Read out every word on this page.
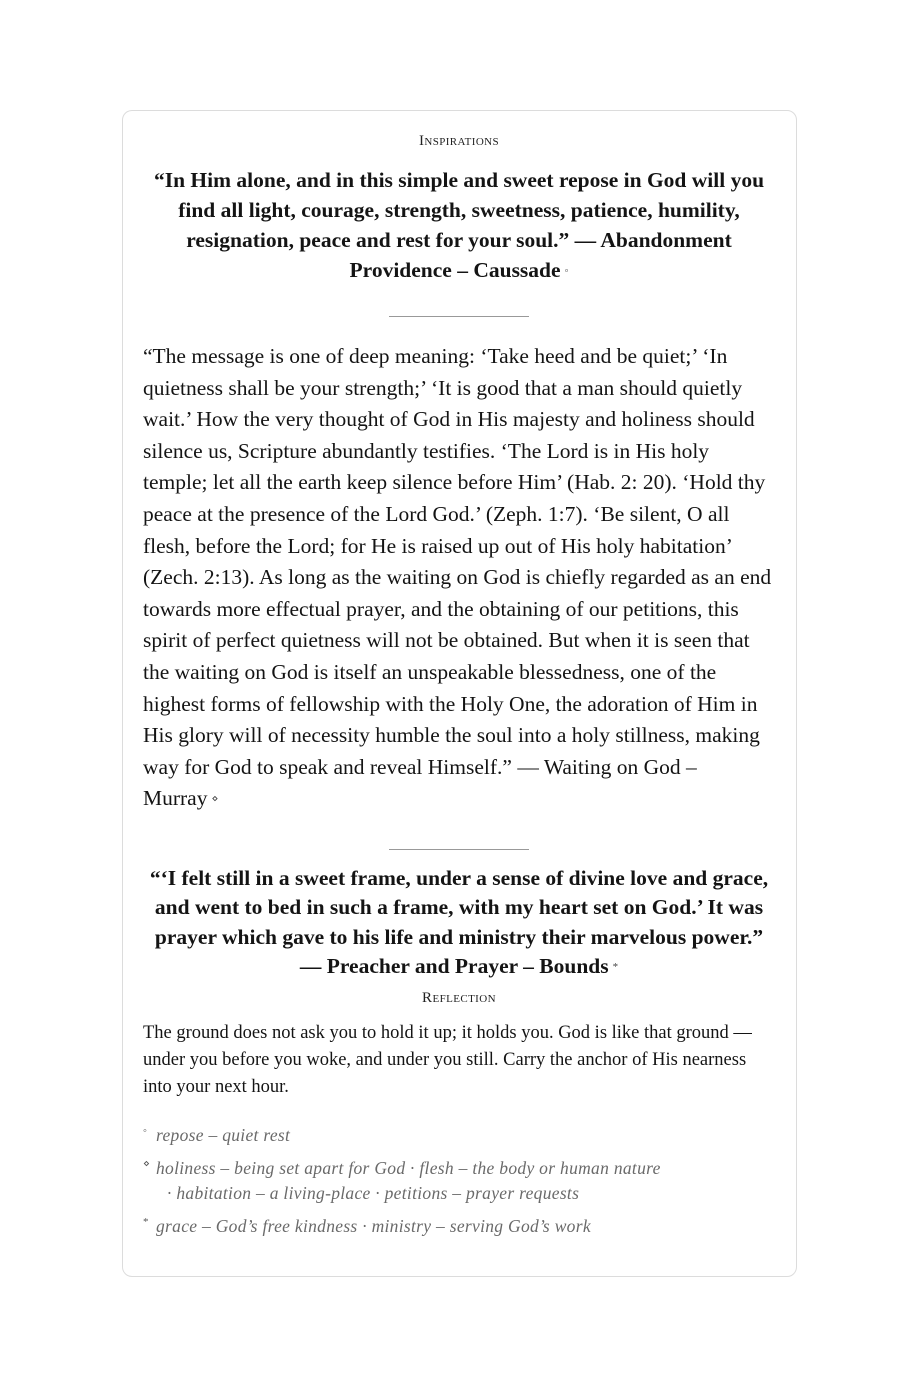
Inspirations

“In Him alone, and in this simple and sweet repose in God will you find all light, courage, strength, sweetness, patience, humility, resignation, peace and rest for your soul.” — Abandonment Providence – Caussade ◦

“The message is one of deep meaning: ‘Take heed and be quiet;’ ‘In quietness shall be your strength;’ ‘It is good that a man should quietly wait.’ How the very thought of God in His majesty and holiness should silence us, Scripture abundantly testifies. ‘The Lord is in His holy temple; let all the earth keep silence before Him’ (Hab. 2: 20). ‘Hold thy peace at the presence of the Lord God.’ (Zeph. 1:7). ‘Be silent, O all flesh, before the Lord; for He is raised up out of His holy habitation’ (Zech. 2:13). As long as the waiting on God is chiefly regarded as an end towards more effectual prayer, and the obtaining of our petitions, this spirit of perfect quietness will not be obtained. But when it is seen that the waiting on God is itself an unspeakable blessedness, one of the highest forms of fellowship with the Holy One, the adoration of Him in His glory will of necessity humble the soul into a holy stillness, making way for God to speak and reveal Himself.” — Waiting on God – Murray ⋄

“‘I felt still in a sweet frame, under a sense of divine love and grace, and went to bed in such a frame, with my heart set on God.’ It was prayer which gave to his life and ministry their marvelous power.” — Preacher and Prayer – Bounds *

Reflection

The ground does not ask you to hold it up; it holds you. God is like that ground — under you before you woke, and under you still. Carry the anchor of His nearness into your next hour.

◦ repose – quiet rest
⋄ holiness – being set apart for God · flesh – the body or human nature
· habitation – a living-place · petitions – prayer requests
* grace – God’s free kindness · ministry – serving God’s work
